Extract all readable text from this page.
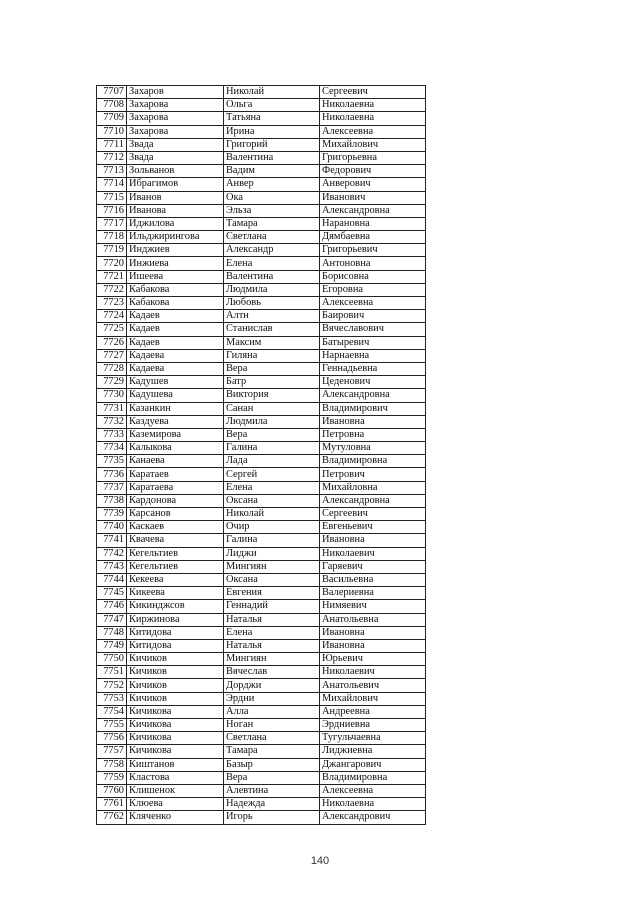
7707	Захаров	Николай	Сергеевич
7708	Захарова	Ольга	Николаевна
7709	Захарова	Татьяна	Николаевна
7710	Захарова	Ирина	Алексеевна
7711	Звада	Григорий	Михайлович
7712	Звада	Валентина	Григорьевна
7713	Зольванов	Вадим	Федорович
7714	Ибрагимов	Анвер	Анверович
7715	Иванов	Ока	Иванович
7716	Иванова	Эльза	Александровна
7717	Иджилова	Тамара	Нарановна
7718	Ильджиринговa	Светлана	Дямбаевна
7719	Инджиев	Александр	Григорьевич
7720	Инжиева	Елена	Антоновна
7721	Ишеева	Валентина	Борисовна
7722	Кабакова	Людмила	Егоровна
7723	Кабакова	Любовь	Алексеевна
7724	Кадаев	Алтн	Баирович
7725	Кадаев	Станислав	Вячеславович
7726	Кадаев	Максим	Батыревич
7727	Кадаева	Гиляна	Нарнаевна
7728	Кадаева	Вера	Геннадьевна
7729	Кадушев	Батр	Цеденович
7730	Кадушева	Виктория	Александровна
7731	Казанкин	Санан	Владимирович
7732	Каздуева	Людмила	Ивановна
7733	Каземирова	Вера	Петровна
7734	Калыкова	Галина	Мутуловна
7735	Канаева	Лада	Владимировна
7736	Каратаев	Сергей	Петрович
7737	Каратаева	Елена	Михайловна
7738	Кардонова	Оксана	Александровна
7739	Карсанов	Николай	Сергеевич
7740	Каскаев	Очир	Евгеньевич
7741	Квачева	Галина	Ивановна
7742	Кегельтиев	Лиджи	Николаевич
7743	Кегельтиев	Мингиян	Гаряевич
7744	Кекеева	Оксана	Васильевна
7745	Кикеева	Евгения	Валериевна
7746	Кикинджсов	Геннадий	Нимяевич
7747	Киржинова	Наталья	Анатольевна
7748	Китидова	Елена	Ивановна
7749	Китидова	Наталья	Ивановна
7750	Кичиков	Мингиян	Юрьевич
7751	Кичиков	Вячеслав	Николаевич
7752	Кичиков	Дорджи	Анатольевич
7753	Кичиков	Эрдни	Михайлович
7754	Кичикова	Алла	Андреевна
7755	Кичикова	Ноган	Эрдниевна
7756	Кичикова	Светлана	Тугульчаевна
7757	Кичикова	Тамара	Лиджиевна
7758	Киштанов	Базыр	Джангарович
7759	Кластова	Вера	Владимировна
7760	Клишенок	Алевтина	Алексеевна
7761	Клюева	Надежда	Николаевна
7762	Кляченко	Игорь	Александрович
140
